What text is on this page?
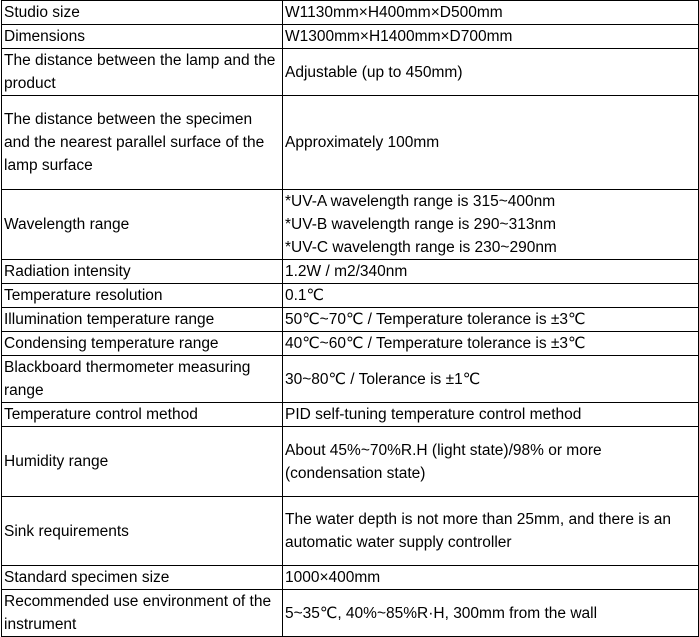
Studio size	W1130mm×H400mm×D500mm
Dimensions	W1300mm×H1400mm×D700mm
The distance between the lamp and the product	Adjustable (up to 450mm)
The distance between the specimen and the nearest parallel surface of the lamp surface	Approximately 100mm
Wavelength range	*UV-A wavelength range is 315~400nm
*UV-B wavelength range is 290~313nm
*UV-C wavelength range is 230~290nm

Radiation intensity	1.2W / m2/340nm
Temperature resolution	0.1℃
Illumination temperature range	50℃~70℃ / Temperature tolerance is ±3℃
Condensing temperature range	40℃~60℃ / Temperature tolerance is ±3℃
Blackboard thermometer measuring range	30~80℃ / Tolerance is ±1℃
Temperature control method	PID self-tuning temperature control method
Humidity range	About 45%~70%R.H (light state)/98% or more (condensation state)
Sink requirements	The water depth is not more than 25mm, and there is an automatic water supply controller
Standard specimen size	1000×400mm
Recommended use environment of the instrument	5~35℃, 40%~85%R·H, 300mm from the wall
